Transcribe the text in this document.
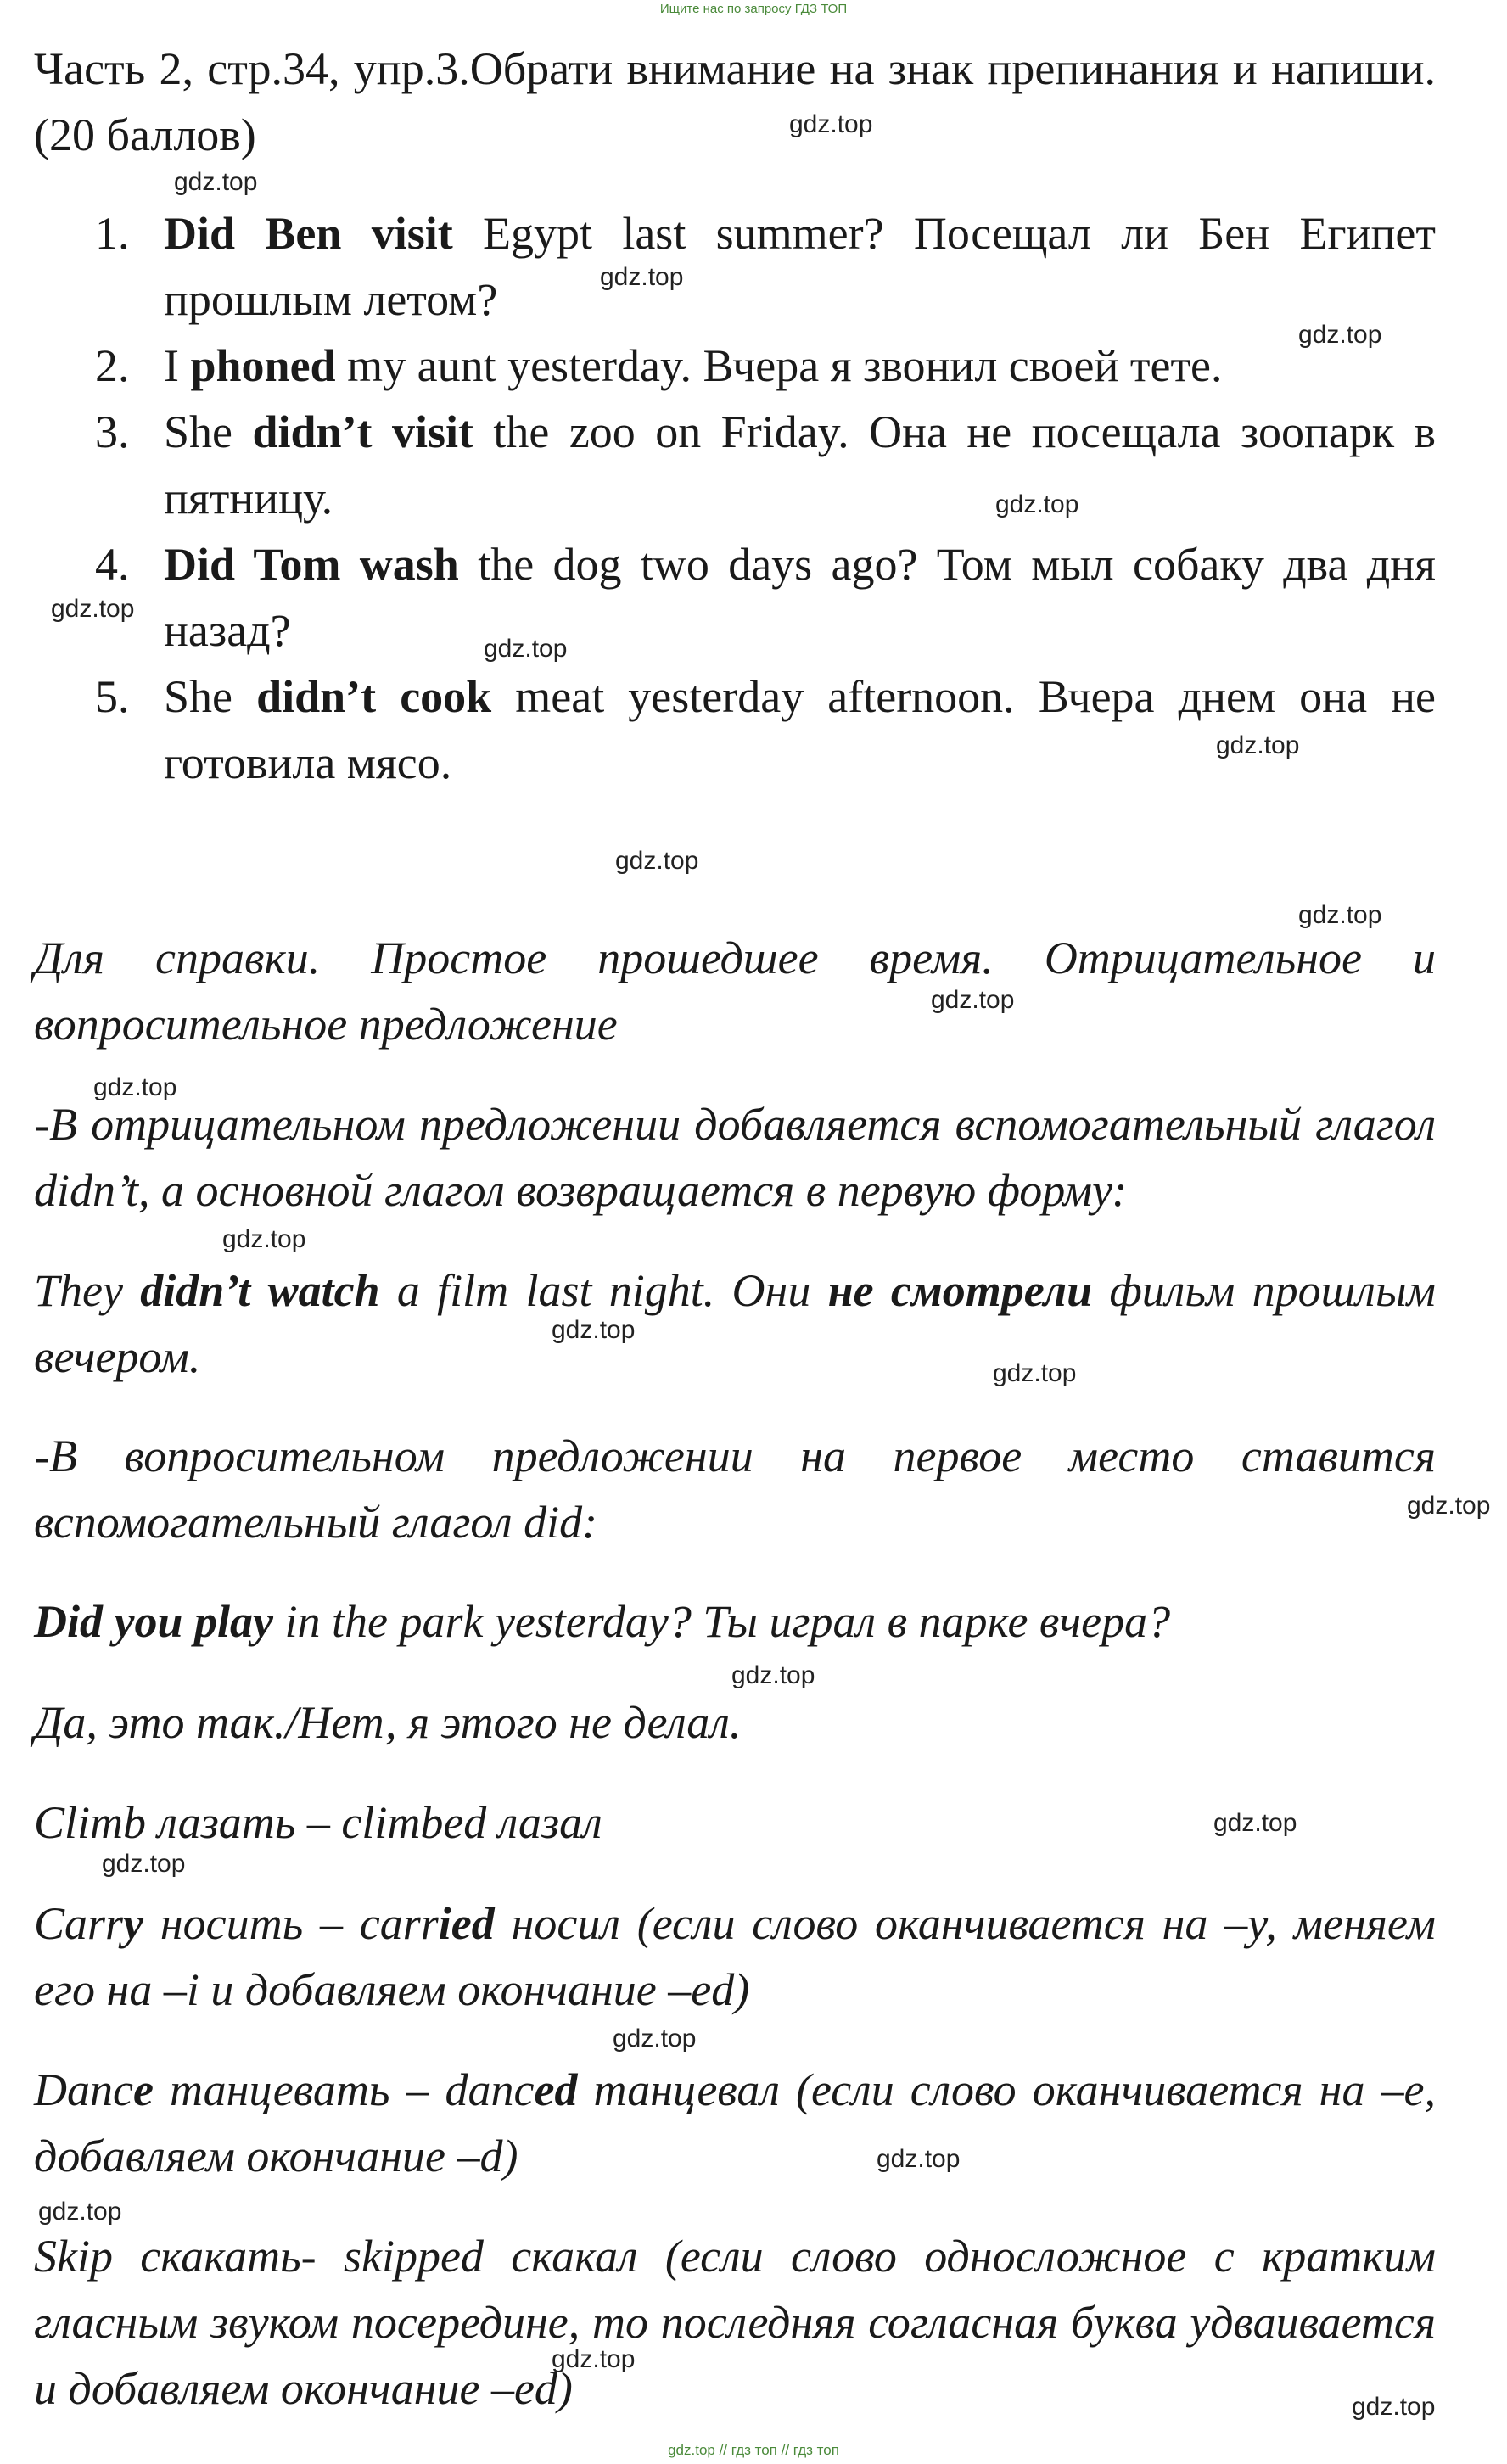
Ищите нас по запросу ГДЗ ТОП
Часть 2, стр.34, упр.3.Обрати внимание на знак препинания и напиши. (20 баллов)
1. Did Ben visit Egypt last summer? Посещал ли Бен Египет прошлым летом?
2. I phoned my aunt yesterday. Вчера я звонил своей тете.
3. She didn’t visit the zoo on Friday. Она не посещала зоопарк в пятницу.
4. Did Tom wash the dog two days ago? Том мыл собаку два дня назад?
5. She didn’t cook meat yesterday afternoon. Вчера днем она не готовила мясо.
Для справки. Простое прошедшее время. Отрицательное и вопросительное предложение
-В отрицательном предложении добавляется вспомогательный глагол didn’t, а основной глагол возвращается в первую форму:
They didn’t watch a film last night. Они не смотрели фильм прошлым вечером.
-В вопросительном предложении на первое место ставится вспомогательный глагол did:
Did you play in the park yesterday? Ты играл в парке вчера?
Да, это так./Нет, я этого не делал.
Climb лазать – climbed лазал
Carry носить – carried носил (если слово оканчивается на –y, меняем его на –i и добавляем окончание –ed)
Dance танцевать – danced танцевал (если слово оканчивается на –e, добавляем окончание –d)
Skip скакать- skipped скакал (если слово односложное с кратким гласным звуком посередине, то последняя согласная буква удваивается и добавляем окончание –ed)
gdz.top
gdz.top
gdz.top
gdz.top
gdz.top
gdz.top
gdz.top
gdz.top
gdz.top
gdz.top
gdz.top
gdz.top
gdz.top
gdz.top
gdz.top
gdz.top
gdz.top
gdz.top
gdz.top
gdz.top
gdz.top
gdz.top
gdz.top
gdz.top
gdz.top // гдз топ // гдз топ
